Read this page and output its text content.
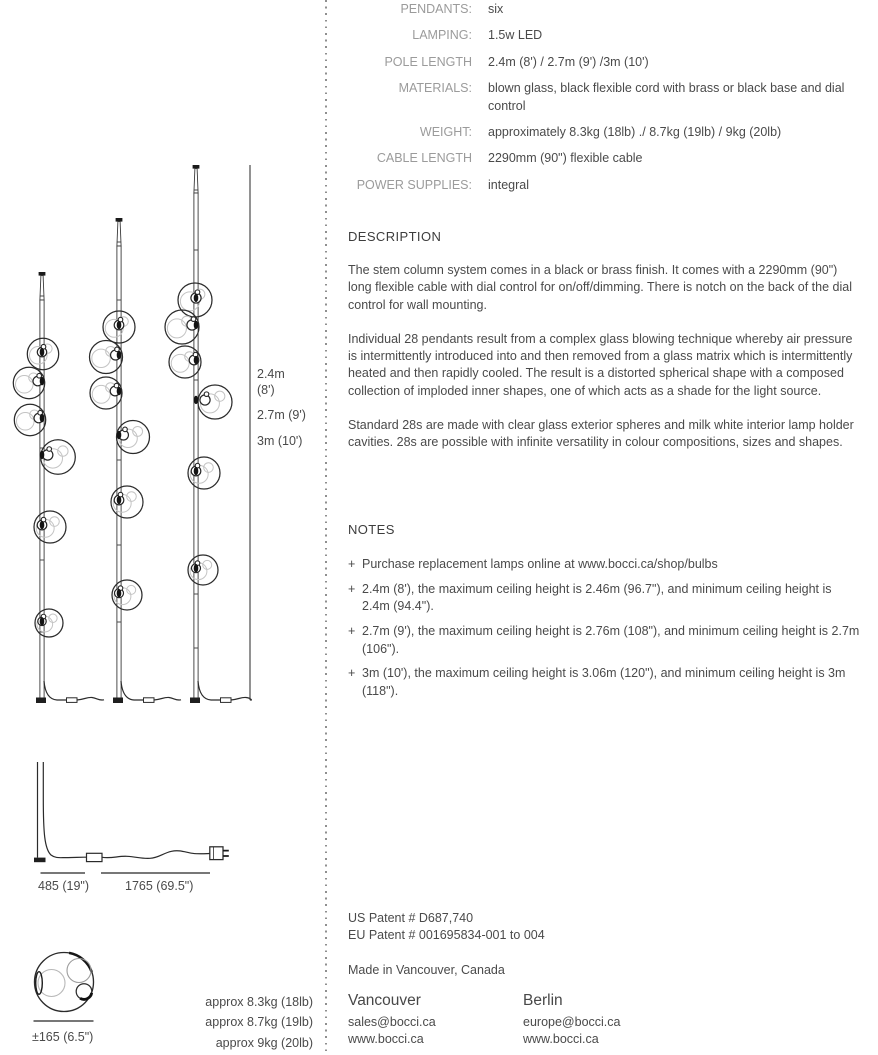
2.4m
(8')
2.7m (9')
3m (10')
485 (19")	1765 (69.5")
approx 8.3kg (18lb)
approx 8.7kg (19lb)
approx 9kg (20lb)
±165 (6.5")
PENDANTS: six
LAMPING: 1.5w LED
POLE LENGTH 2.4m (8') / 2.7m (9') /3m (10')
MATERIALS: blown glass, black flexible cord with brass or black base and dial control
WEIGHT: approximately 8.3kg (18lb) ./ 8.7kg (19lb) / 9kg (20lb)
CABLE LENGTH 2290mm (90") flexible cable
POWER SUPPLIES: integral
DESCRIPTION

The stem column system comes in a black or brass finish. It comes with a 2290mm (90") long flexible cable with dial control for on/off/dimming. There is notch on the back of the dial control for wall mounting.

Individual 28 pendants result from a complex glass blowing technique whereby air pressure is intermittently introduced into and then removed from a glass matrix which is intermittently heated and then rapidly cooled. The result is a distorted spherical shape with a composed collection of imploded inner shapes, one of which acts as a shade for the light source.

Standard 28s are made with clear glass exterior spheres and milk white interior lamp holder cavities. 28s are possible with infinite versatility in colour compositions, sizes and shapes.

NOTES
+ Purchase replacement lamps online at www.bocci.ca/shop/bulbs
+ 2.4m (8'), the maximum ceiling height is 2.46m (96.7"), and minimum ceiling height is 2.4m (94.4").
+ 2.7m (9'), the maximum ceiling height is 2.76m (108"), and minimum ceiling height is 2.7m (106").
+ 3m (10'), the maximum ceiling height is 3.06m (120"), and minimum ceiling height is 3m (118").
US Patent # D687,740
EU Patent # 001695834-001 to 004
Made in Vancouver, Canada
Vancouver
sales@bocci.ca
www.bocci.ca
Berlin
europe@bocci.ca
www.bocci.ca
